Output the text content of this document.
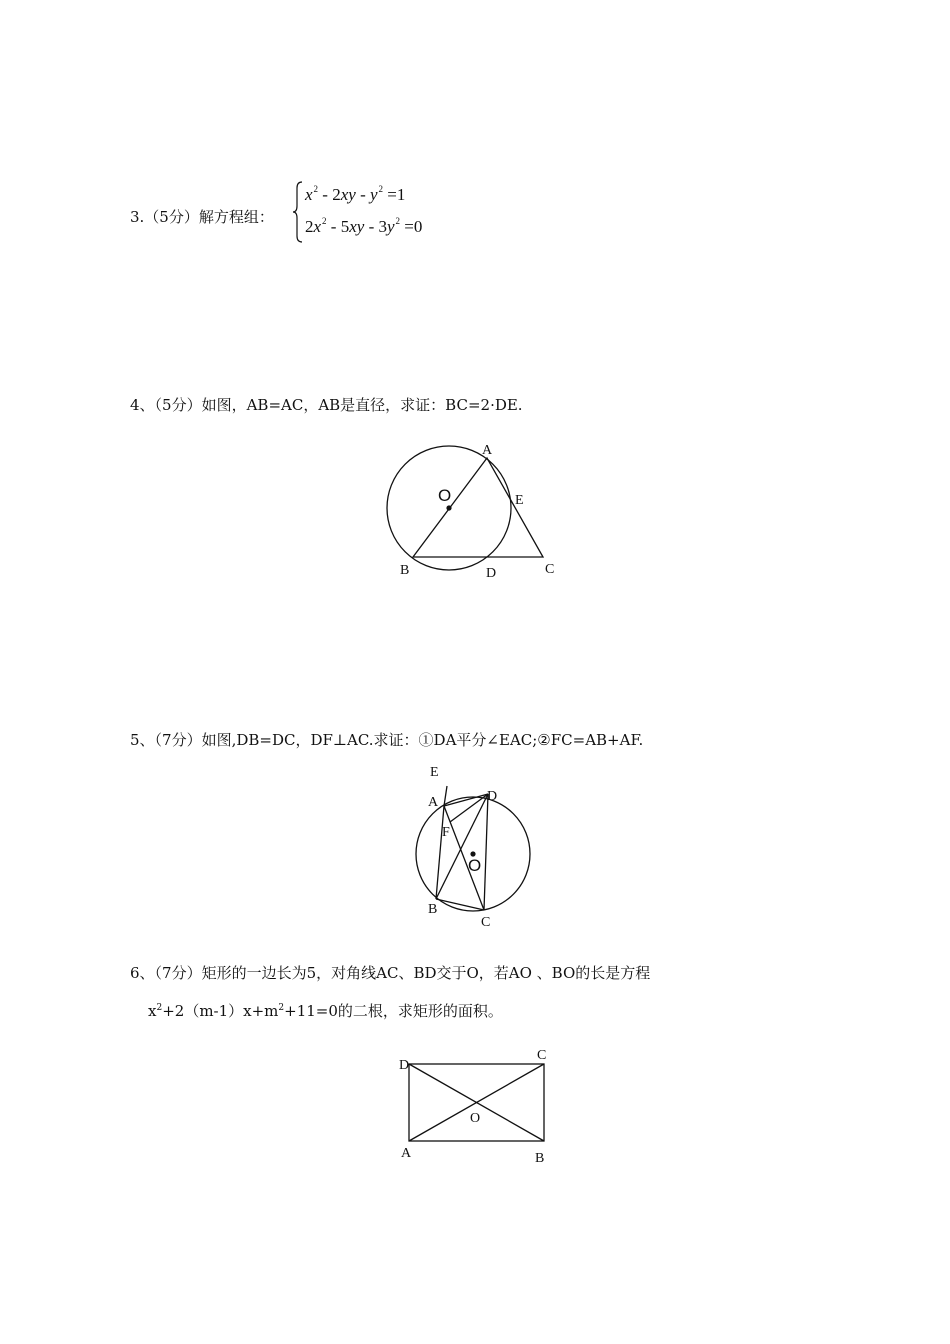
3.（5分）解方程组：
$x^2 - 2xy - y^2 =1$
$2x^2 - 5xy - 3y^2 =0$
4、（5分）如图，AB=AC，AB是直径，求证：BC=2·DE.
A
O	E
B	D	C
5、（7分）如图,DB=DC，DF⊥AC.求证：①DA平分∠EAC;②FC=AB+AF.
E
A	D
F
O
B
C
6、（7分）矩形的一边长为5，对角线AC、BD交于O，若AO 、BO的长是方程
$x^2+2(m-1)x+m^2+11=0$的二根，求矩形的面积。
D
C
O
A	B
